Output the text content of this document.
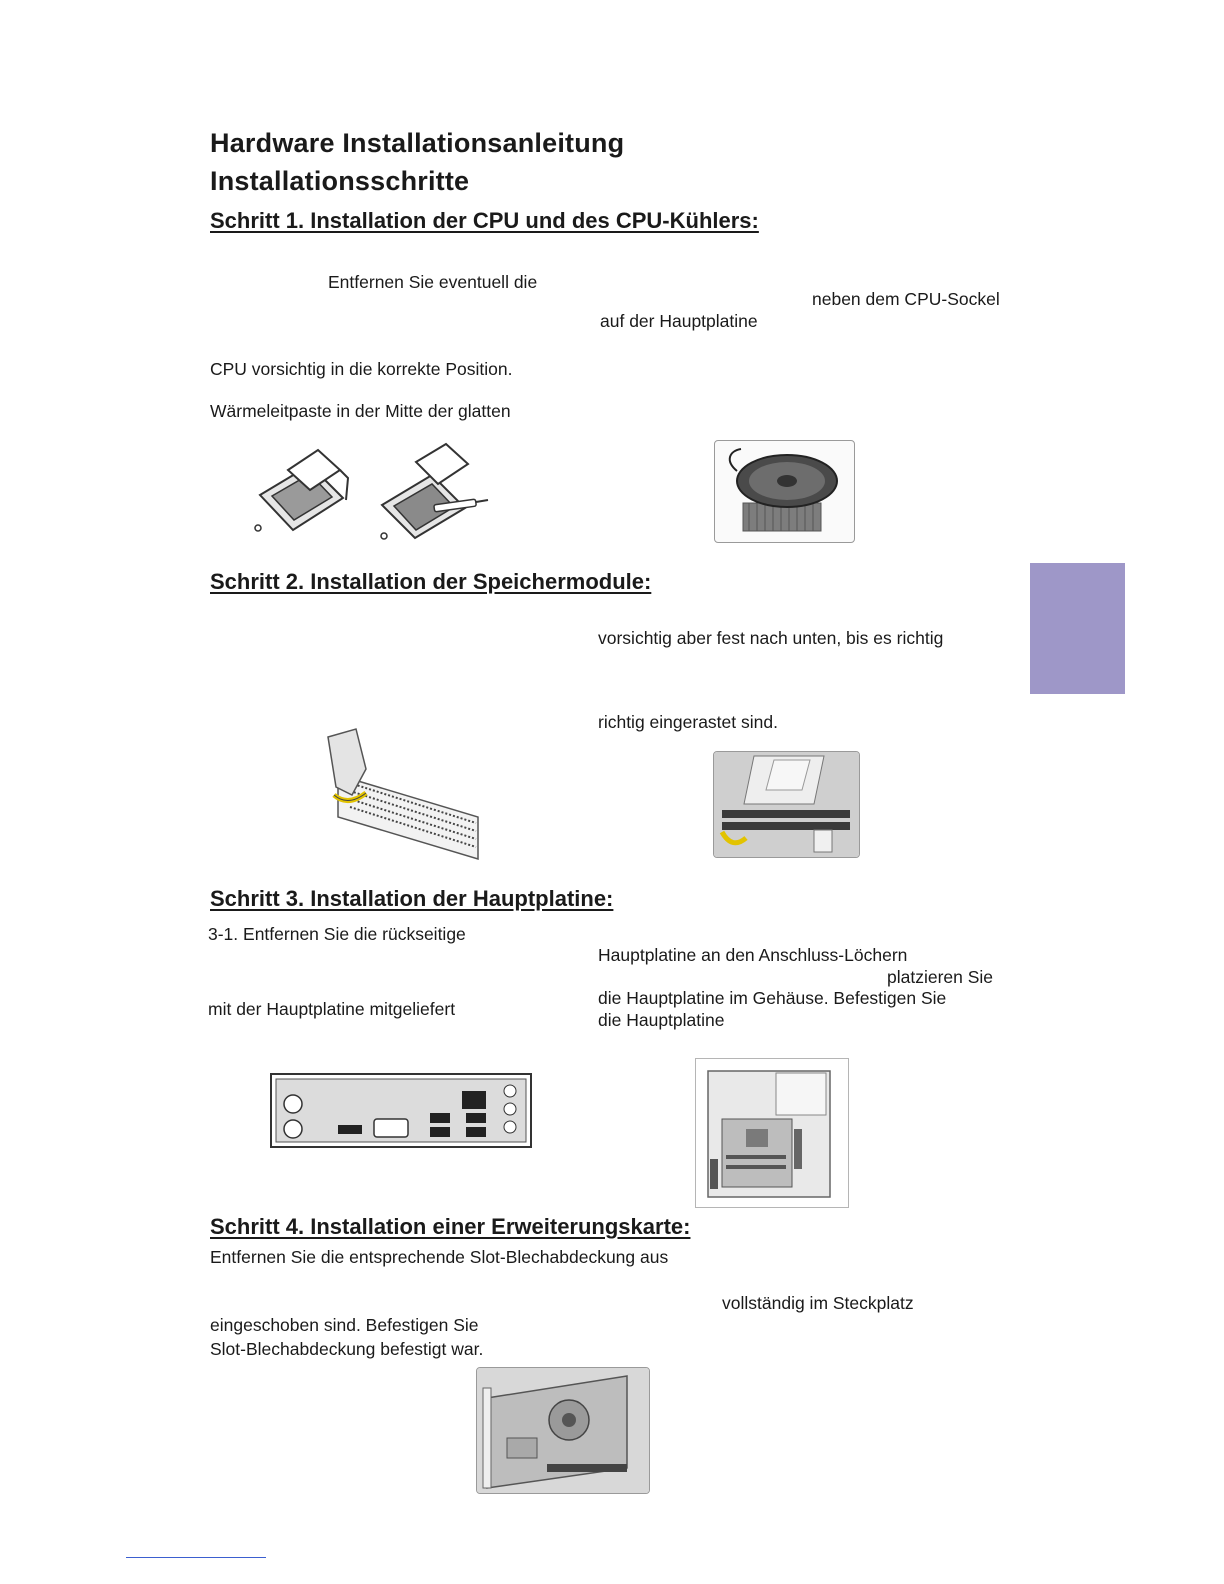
Hardware Installationsanleitung
Installationsschritte
Schritt 1. Installation der CPU und des CPU-Kühlers:
Entfernen Sie eventuell die
neben dem CPU-Sockel
auf der Hauptplatine
CPU vorsichtig in die korrekte Position.
Wärmeleitpaste in der Mitte der glatten
Schritt 2. Installation der Speichermodule:
vorsichtig aber fest nach unten, bis es richtig
richtig eingerastet sind.
Schritt 3. Installation der Hauptplatine:
3-1. Entfernen Sie die rückseitige
mit der Hauptplatine mitgeliefert
Hauptplatine an den Anschluss-Löchern
platzieren Sie
die Hauptplatine im Gehäuse. Befestigen Sie
die Hauptplatine
Schritt 4. Installation einer Erweiterungskarte:
Entfernen Sie die entsprechende Slot-Blechabdeckung aus
vollständig im Steckplatz
eingeschoben sind. Befestigen Sie
Slot-Blechabdeckung befestigt war.
